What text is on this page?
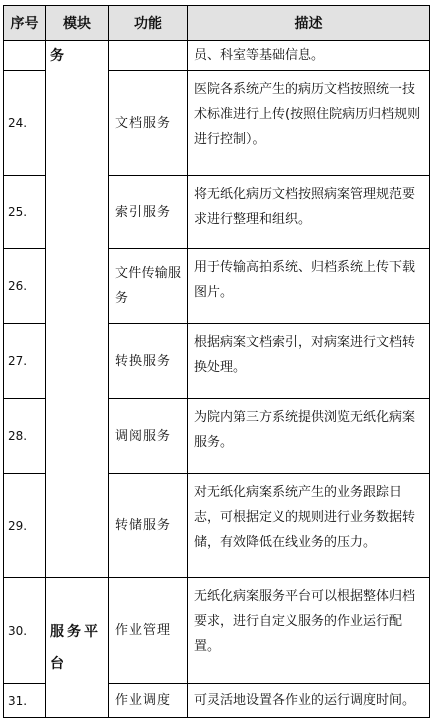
序号	模块	功能	描述
	务		员、科室等基础信息。
24.		文档服务	医院各系统产生的病历文档按照统一技术标准进行上传(按照住院病历归档规则进行控制）。
25.		索引服务	将无纸化病历文档按照病案管理规范要求进行整理和组织。
26.		文件传输服务	用于传输高拍系统、归档系统上传下载图片。
27.		转换服务	根据病案文档索引，对病案进行文档转换处理。
28.		调阅服务	为院内第三方系统提供浏览无纸化病案服务。
29.		转储服务	对无纸化病案系统产生的业务跟踪日志，可根据定义的规则进行业务数据转储，有效降低在线业务的压力。
30.	服务平台	作业管理	无纸化病案服务平台可以根据整体归档要求，进行自定义服务的作业运行配置。
31.		作业调度	可灵活地设置各作业的运行调度时间。
